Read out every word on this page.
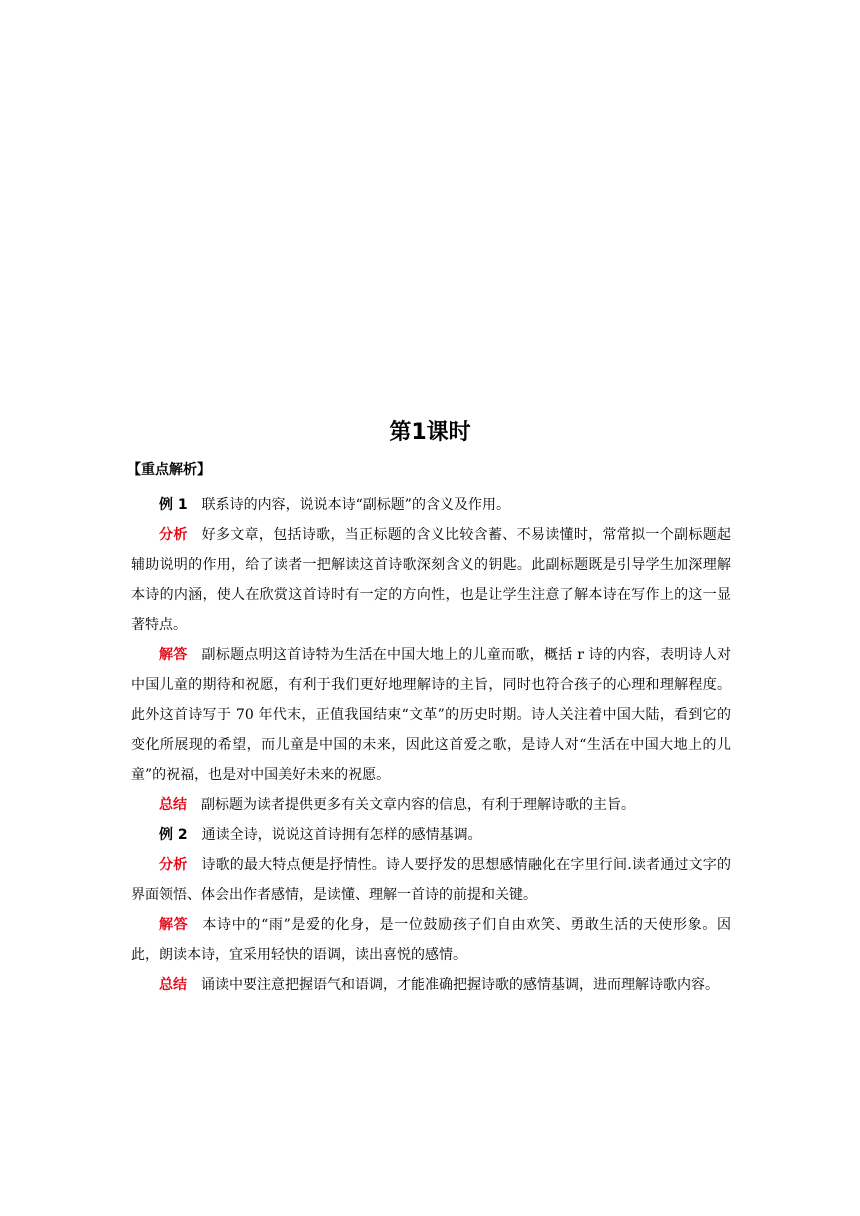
第1课时
【重点解析】

例 1 联系诗的内容，说说本诗“副标题”的含义及作用。

分析 好多文章，包括诗歌，当正标题的含义比较含蓄、不易读懂时，常常拟一个副标题起辅助说明的作用，给了读者一把解读这首诗歌深刻含义的钥匙。此副标题既是引导学生加深理解本诗的内涵，使人在欣赏这首诗时有一定的方向性，也是让学生注意了解本诗在写作上的这一显著特点。

解答 副标题点明这首诗特为生活在中国大地上的儿童而歌，概括 r 诗的内容，表明诗人对中国儿童的期待和祝愿，有利于我们更好地理解诗的主旨，同时也符合孩子的心理和理解程度。此外这首诗写于 70 年代末，正值我国结束“文革”的历史时期。诗人关注着中国大陆，看到它的变化所展现的希望，而儿童是中国的未来，因此这首爱之歌，是诗人对“生活在中国大地上的儿童”的祝福，也是对中国美好未来的祝愿。

总结 副标题为读者提供更多有关文章内容的信息，有利于理解诗歌的主旨。

例 2 通读全诗，说说这首诗拥有怎样的感情基调。

分析 诗歌的最大特点便是抒情性。诗人要抒发的思想感情融化在字里行间.读者通过文字的界面领悟、体会出作者感情，是读懂、理解一首诗的前提和关键。

解答 本诗中的“雨”是爱的化身，是一位鼓励孩子们自由欢笑、勇敢生活的天使形象。因此，朗读本诗，宜采用轻快的语调，读出喜悦的感情。

总结 诵读中要注意把握语气和语调，才能准确把握诗歌的感情基调，进而理解诗歌内容。
